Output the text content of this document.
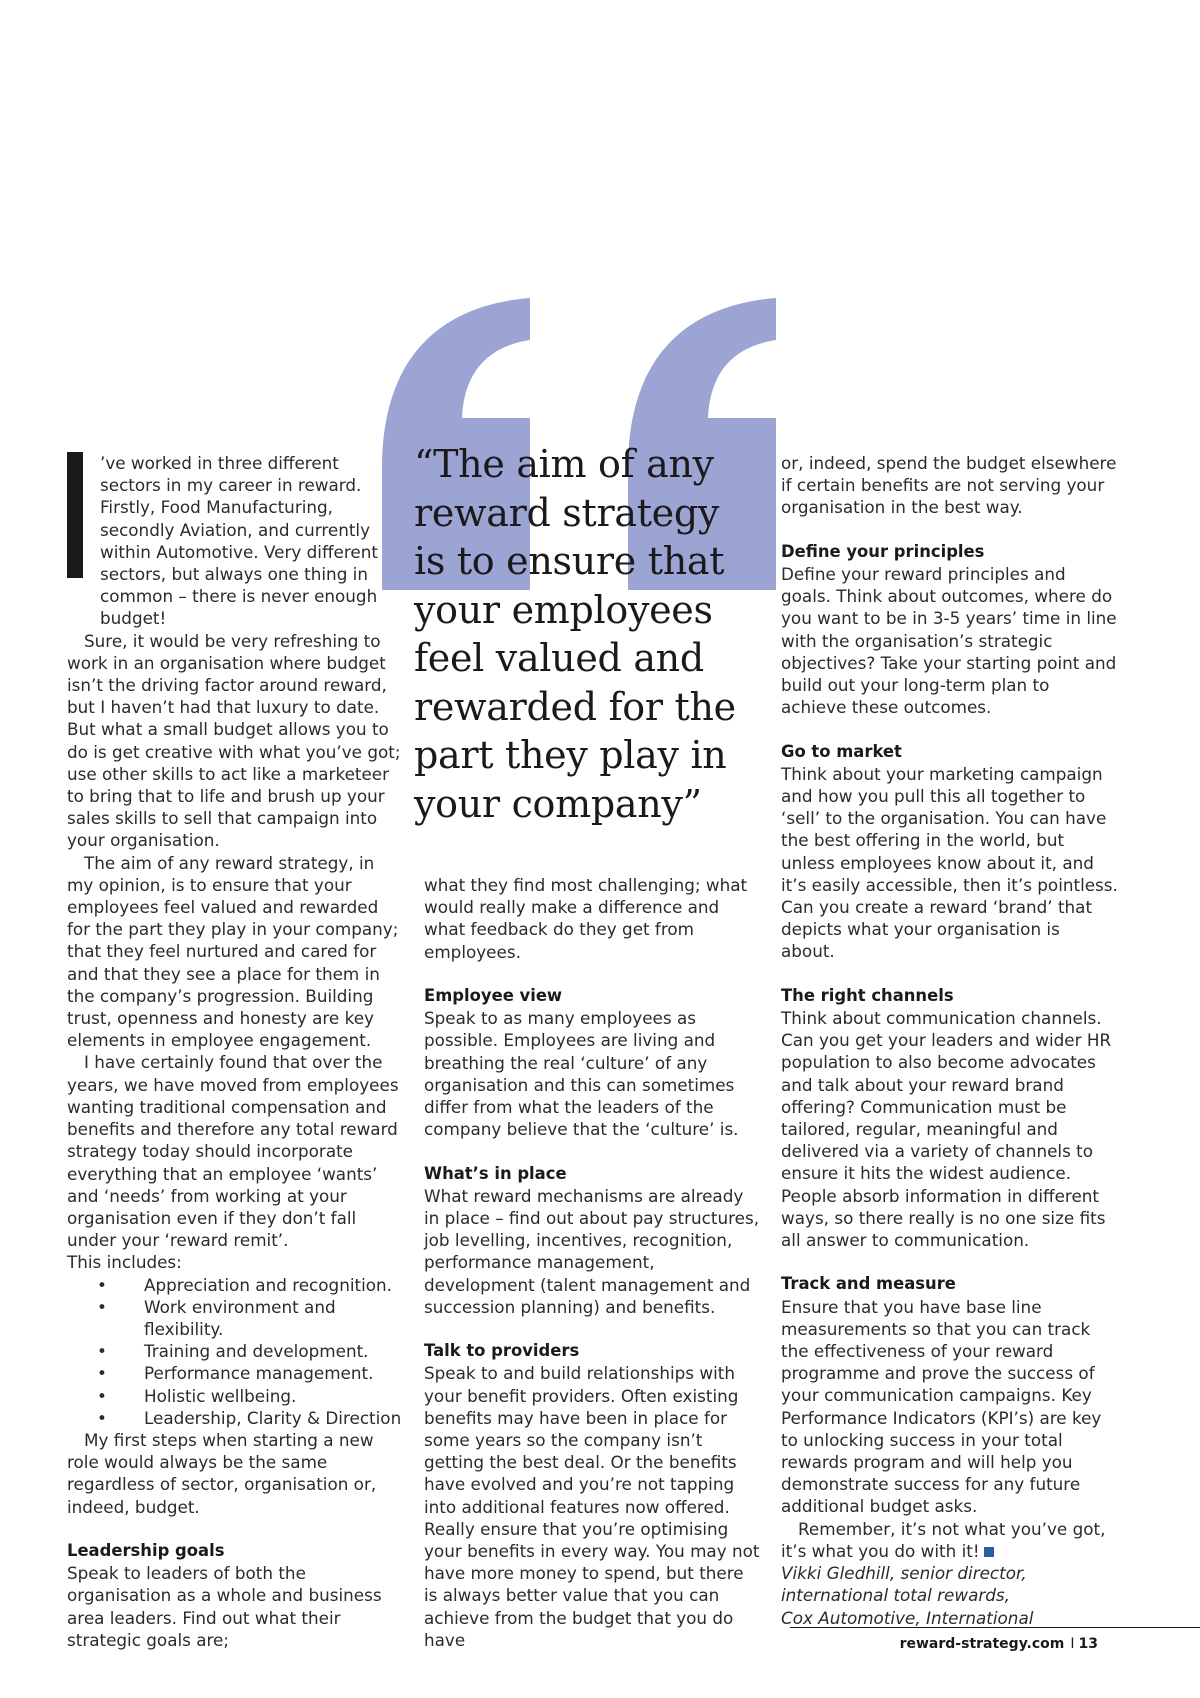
“The aim of any reward strategy is to ensure that your employees feel valued and rewarded for the part they play in your company”

’ve worked in three different sectors in my career in reward. Firstly, Food Manufacturing, secondly Aviation, and currently within Automotive. Very different sectors, but always one thing in common – there is never enough budget!

Sure, it would be very refreshing to work in an organisation where budget isn’t the driving factor around reward, but I haven’t had that luxury to date. But what a small budget allows you to do is get creative with what you’ve got; use other skills to act like a marketeer to bring that to life and brush up your sales skills to sell that campaign into your organisation.

The aim of any reward strategy, in my opinion, is to ensure that your employees feel valued and rewarded for the part they play in your company; that they feel nurtured and cared for and that they see a place for them in the company’s progression. Building trust, openness and honesty are key elements in employee engagement.

I have certainly found that over the years, we have moved from employees wanting traditional compensation and benefits and therefore any total reward strategy today should incorporate everything that an employee ‘wants’ and ‘needs’ from working at your organisation even if they don’t fall under your ‘reward remit’.

This includes:

• Appreciation and recognition.
• Work environment and flexibility.
• Training and development.
• Performance management.
• Holistic wellbeing.
• Leadership, Clarity & Direction

My first steps when starting a new role would always be the same regardless of sector, organisation or, indeed, budget.

Leadership goals

Speak to leaders of both the organisation as a whole and business area leaders. Find out what their strategic goals are;

what they find most challenging; what would really make a difference and what feedback do they get from employees.

Employee view

Speak to as many employees as possible. Employees are living and breathing the real ‘culture’ of any organisation and this can sometimes differ from what the leaders of the company believe that the ‘culture’ is.

What’s in place

What reward mechanisms are already in place – find out about pay structures, job levelling, incentives, recognition, performance management, development (talent management and succession planning) and benefits.

Talk to providers

Speak to and build relationships with your benefit providers. Often existing benefits may have been in place for some years so the company isn’t getting the best deal. Or the benefits have evolved and you’re not tapping into additional features now offered. Really ensure that you’re optimising your benefits in every way. You may not have more money to spend, but there is always better value that you can achieve from the budget that you do have

or, indeed, spend the budget elsewhere if certain benefits are not serving your organisation in the best way.

Define your principles

Define your reward principles and goals. Think about outcomes, where do you want to be in 3-5 years’ time in line with the organisation’s strategic objectives? Take your starting point and build out your long-term plan to achieve these outcomes.

Go to market

Think about your marketing campaign and how you pull this all together to ‘sell’ to the organisation. You can have the best offering in the world, but unless employees know about it, and it’s easily accessible, then it’s pointless. Can you create a reward ‘brand’ that depicts what your organisation is about.

The right channels

Think about communication channels. Can you get your leaders and wider HR population to also become advocates and talk about your reward brand offering? Communication must be tailored, regular, meaningful and delivered via a variety of channels to ensure it hits the widest audience. People absorb information in different ways, so there really is no one size fits all answer to communication.

Track and measure

Ensure that you have base line measurements so that you can track the effectiveness of your reward programme and prove the success of your communication campaigns. Key Performance Indicators (KPI’s) are key to unlocking success in your total rewards program and will help you demonstrate success for any future additional budget asks.

Remember, it’s not what you’ve got, it’s what you do with it!

Vikki Gledhill, senior director,

international total rewards,

Cox Automotive, International

reward-strategy.com I 13
